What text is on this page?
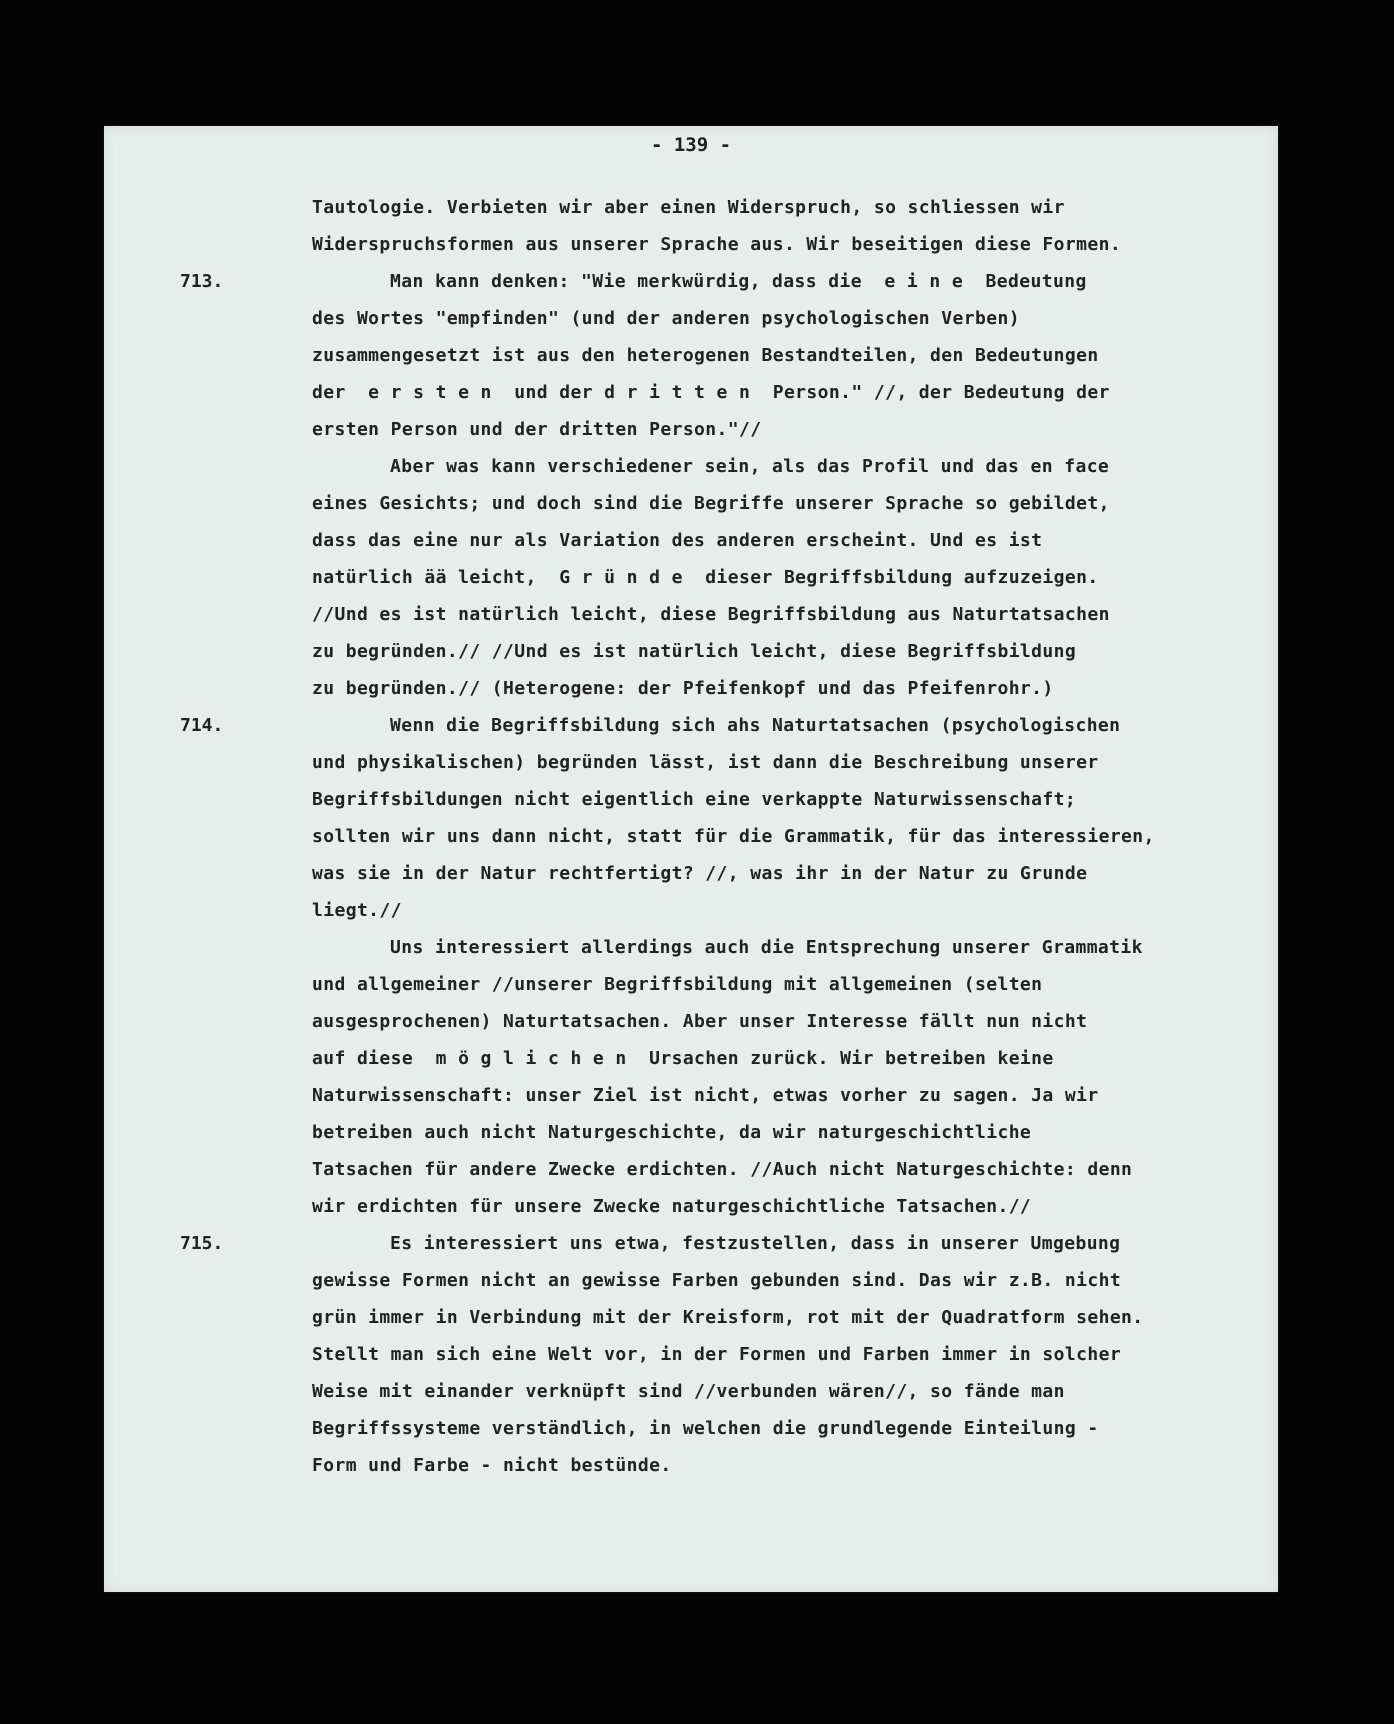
- 139 -
Tautologie. Verbieten wir aber einen Widerspruch, so schliessen wir
Widerspruchsformen aus unserer Sprache aus. Wir beseitigen diese Formen.
713.	Man kann denken: "Wie merkwürdig, dass die  e i n e  Bedeutung
des Wortes "empfinden" (und der anderen psychologischen Verben)
zusammengesetzt ist aus den heterogenen Bestandteilen, den Bedeutungen
der  e r s t e n  und der d r i t t e n  Person." //, der Bedeutung der
ersten Person und der dritten Person."//
Aber was kann verschiedener sein, als das Profil und das en face
eines Gesichts; und doch sind die Begriffe unserer Sprache so gebildet,
dass das eine nur als Variation des anderen erscheint. Und es ist
natürlich ää leicht,  G r ü n d e  dieser Begriffsbildung aufzuzeigen.
//Und es ist natürlich leicht, diese Begriffsbildung aus Naturtatsachen
zu begründen.// //Und es ist natürlich leicht, diese Begriffsbildung
zu begründen.// (Heterogene: der Pfeifenkopf und das Pfeifenrohr.)
714.	Wenn die Begriffsbildung sich ahs Naturtatsachen (psychologischen
und physikalischen) begründen lässt, ist dann die Beschreibung unserer
Begriffsbildungen nicht eigentlich eine verkappte Naturwissenschaft;
sollten wir uns dann nicht, statt für die Grammatik, für das interessieren,
was sie in der Natur rechtfertigt? //, was ihr in der Natur zu Grunde
liegt.//
Uns interessiert allerdings auch die Entsprechung unserer Grammatik
und allgemeiner //unserer Begriffsbildung mit allgemeinen (selten
ausgesprochenen) Naturtatsachen. Aber unser Interesse fällt nun nicht
auf diese  m ö g l i c h e n  Ursachen zurück. Wir betreiben keine
Naturwissenschaft: unser Ziel ist nicht, etwas vorher zu sagen. Ja wir
betreiben auch nicht Naturgeschichte, da wir naturgeschichtliche
Tatsachen für andere Zwecke erdichten. //Auch nicht Naturgeschichte: denn
wir erdichten für unsere Zwecke naturgeschichtliche Tatsachen.//
715.	Es interessiert uns etwa, festzustellen, dass in unserer Umgebung
gewisse Formen nicht an gewisse Farben gebunden sind. Das wir z.B. nicht
grün immer in Verbindung mit der Kreisform, rot mit der Quadratform sehen.
Stellt man sich eine Welt vor, in der Formen und Farben immer in solcher
Weise mit einander verknüpft sind //verbunden wären//, so fände man
Begriffssysteme verständlich, in welchen die grundlegende Einteilung -
Form und Farbe - nicht bestünde.
